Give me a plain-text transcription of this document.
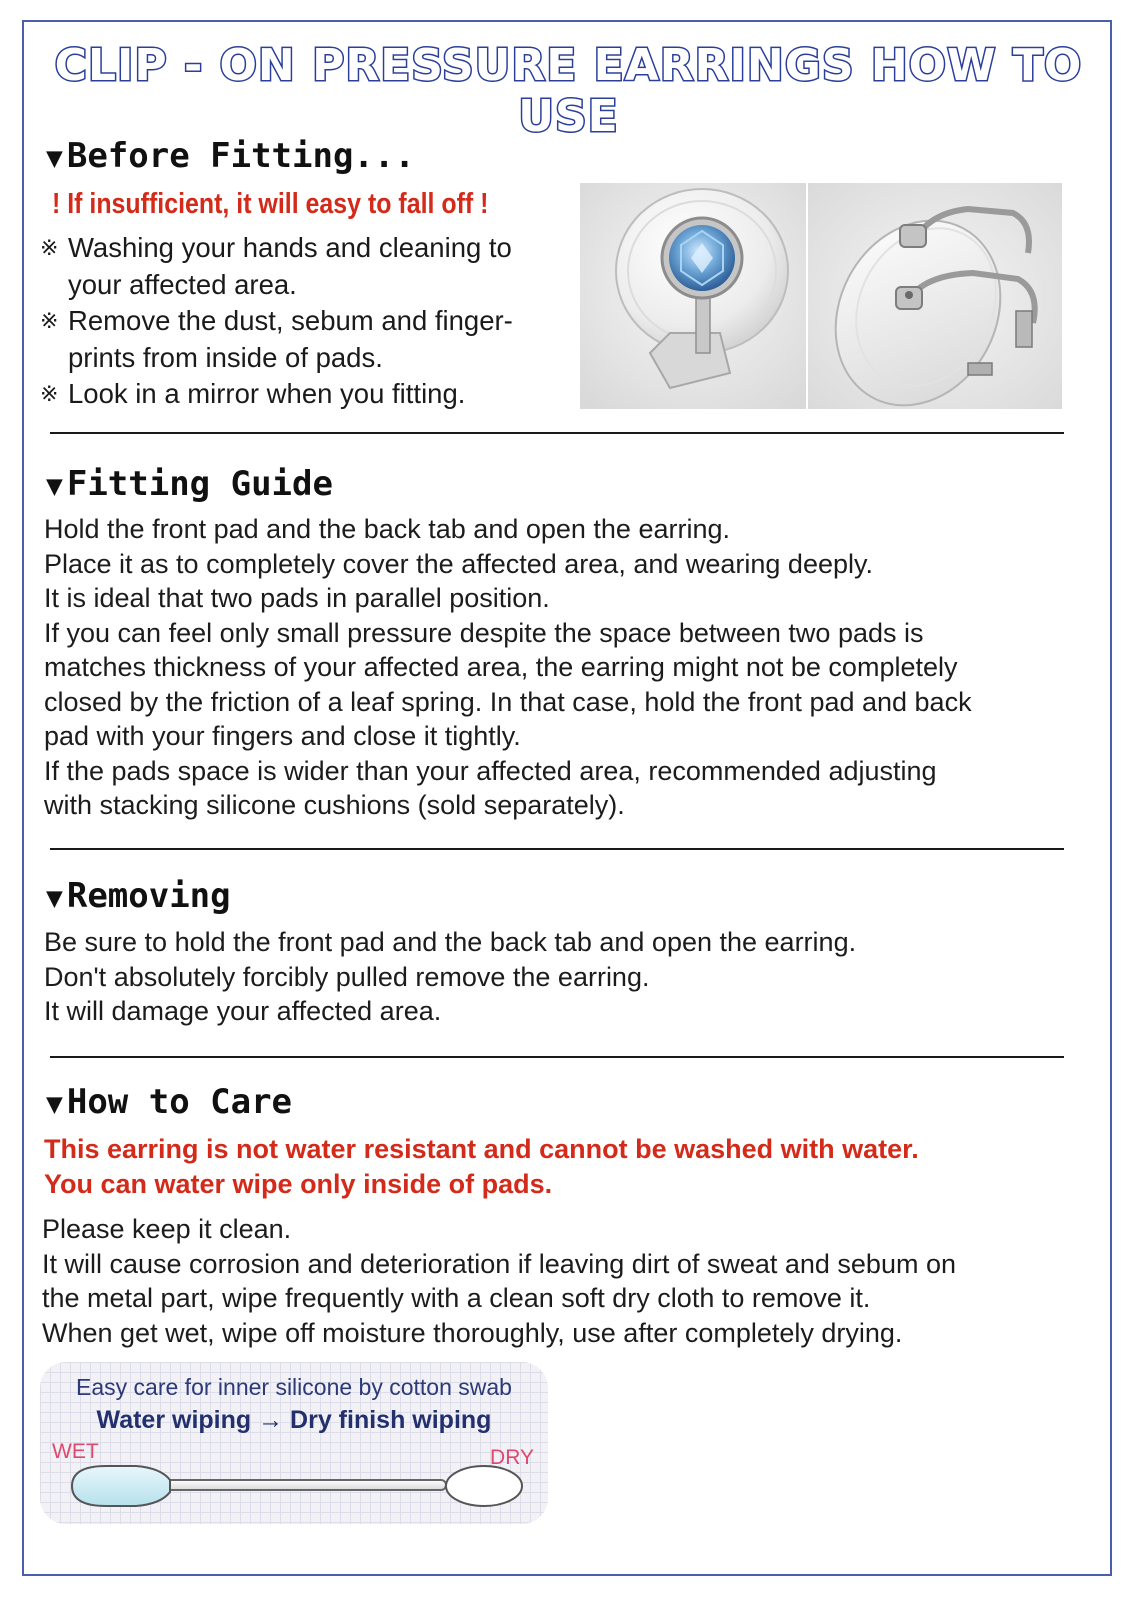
CLIP - ON PRESSURE EARRINGS HOW TO USE
▼ Before Fitting...
! If insufficient, it will easy to fall off !
※ Washing your hands and cleaning to
your affected area.
※ Remove the dust, sebum and finger-
prints from inside of pads.
※ Look in a mirror when you fitting.
▼ Fitting Guide
Hold the front pad and the back tab and open the earring.
Place it as to completely cover the affected area, and wearing deeply.
It is ideal that two pads in parallel position.
If you can feel only small pressure despite the space between two pads is
matches thickness of your affected area, the earring might not be completely
closed by the friction of a leaf spring. In that case, hold the front pad and back
pad with your fingers and close it tightly.
If the pads space is wider than your affected area, recommended adjusting
with stacking silicone cushions (sold separately).
▼ Removing
Be sure to hold the front pad and the back tab and open the earring.
Don't absolutely forcibly pulled remove the earring.
It will damage your affected area.
▼ How to Care
This earring is not water resistant and cannot be washed with water.
You can water wipe only inside of pads.
Please keep it clean.
It will cause corrosion and deterioration if leaving dirt of sweat and sebum on
the metal part, wipe frequently with a clean soft dry cloth to remove it.
When get wet, wipe off moisture thoroughly, use after completely drying.
Easy care for inner silicone by cotton swab
Water wiping → Dry finish wiping
WET	DRY
